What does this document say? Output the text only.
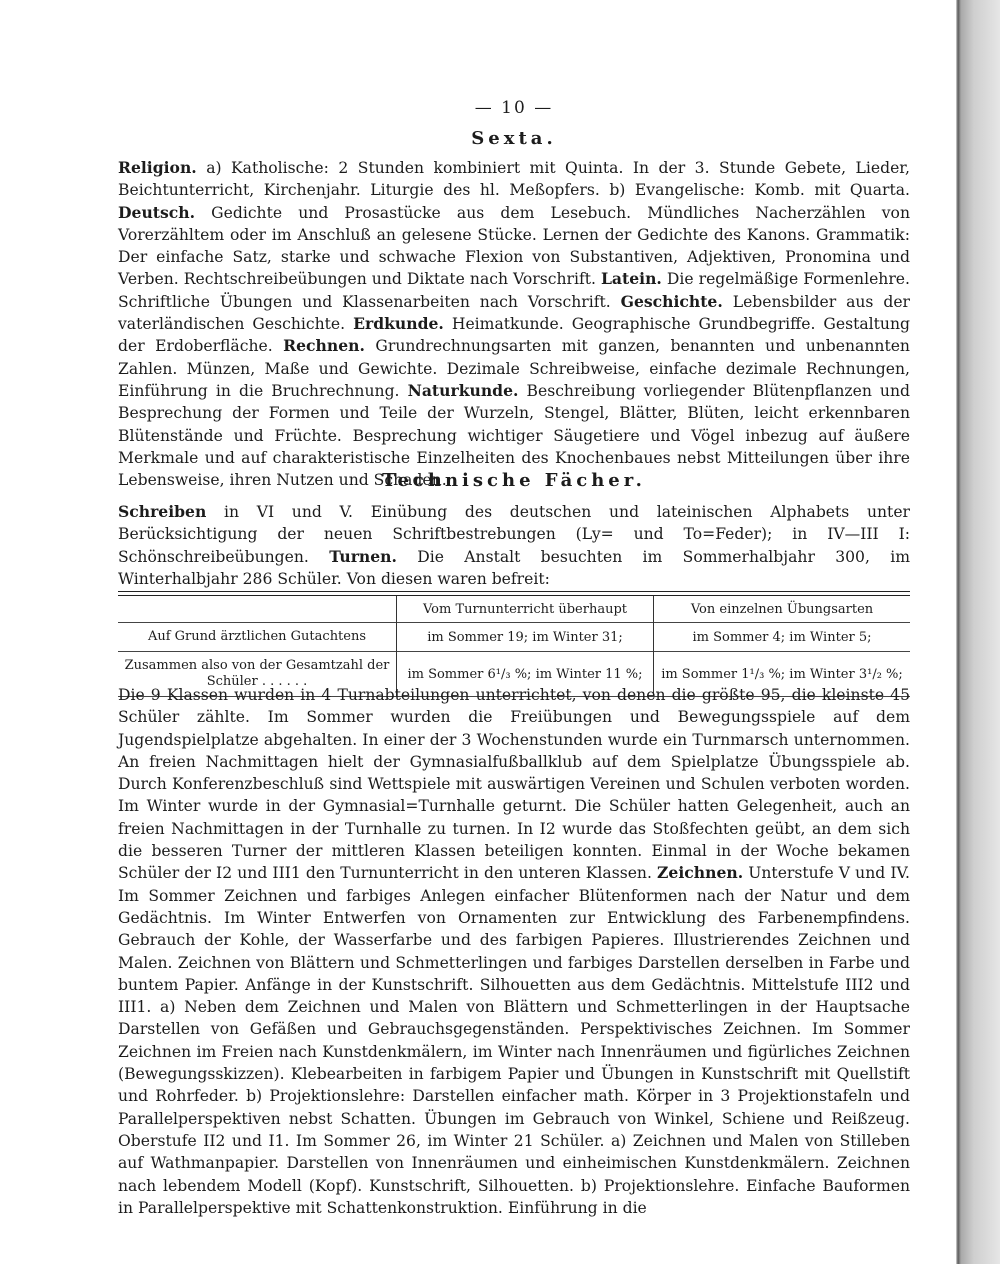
— 10 —
Sexta.
Religion. a) Katholische: 2 Stunden kombiniert mit Quinta. In der 3. Stunde Gebete, Lieder, Beichtunterricht, Kirchenjahr. Liturgie des hl. Meßopfers. b) Evangelische: Komb. mit Quarta. Deutsch. Gedichte und Prosastücke aus dem Lesebuch. Mündliches Nacherzählen von Vorerzähltem oder im Anschluß an gelesene Stücke. Lernen der Gedichte des Kanons. Grammatik: Der einfache Satz, starke und schwache Flexion von Substantiven, Adjektiven, Pronomina und Verben. Rechtschreibeübungen und Diktate nach Vorschrift. Latein. Die regelmäßige Formenlehre. Schriftliche Übungen und Klassenarbeiten nach Vorschrift. Geschichte. Lebensbilder aus der vaterländischen Geschichte. Erdkunde. Heimatkunde. Geographische Grundbegriffe. Gestaltung der Erdoberfläche. Rechnen. Grundrechnungsarten mit ganzen, benannten und unbenannten Zahlen. Münzen, Maße und Gewichte. Dezimale Schreibweise, einfache dezimale Rechnungen, Einführung in die Bruchrechnung. Naturkunde. Beschreibung vorliegender Blütenpflanzen und Besprechung der Formen und Teile der Wurzeln, Stengel, Blätter, Blüten, leicht erkennbaren Blütenstände und Früchte. Besprechung wichtiger Säugetiere und Vögel inbezug auf äußere Merkmale und auf charakteristische Einzelheiten des Knochenbaues nebst Mitteilungen über ihre Lebensweise, ihren Nutzen und Schaden.
Technische Fächer.
Schreiben in VI und V. Einübung des deutschen und lateinischen Alphabets unter Berücksichtigung der neuen Schriftbestrebungen (Ly= und To=Feder); in IV—III I: Schönschreibeübungen. Turnen. Die Anstalt besuchten im Sommerhalbjahr 300, im Winterhalbjahr 286 Schüler. Von diesen waren befreit:
	Vom Turnunterricht überhaupt	Von einzelnen Übungsarten
Auf Grund ärztlichen Gutachtens	im Sommer 19; im Winter 31;	im Sommer 4; im Winter 5;
Zusammen also von der Gesamtzahl der Schüler . . . . . .	im Sommer 6¹/₃ %; im Winter 11 %;	im Sommer 1¹/₃ %; im Winter 3¹/₂ %;
Die 9 Klassen wurden in 4 Turnabteilungen unterrichtet, von denen die größte 95, die kleinste 45 Schüler zählte. Im Sommer wurden die Freiübungen und Bewegungsspiele auf dem Jugendspielplatze abgehalten. In einer der 3 Wochenstunden wurde ein Turnmarsch unternommen. An freien Nachmittagen hielt der Gymnasialfußballklub auf dem Spielplatze Übungsspiele ab. Durch Konferenzbeschluß sind Wettspiele mit auswärtigen Vereinen und Schulen verboten worden. Im Winter wurde in der Gymnasial=Turnhalle geturnt. Die Schüler hatten Gelegenheit, auch an freien Nachmittagen in der Turnhalle zu turnen. In I2 wurde das Stoßfechten geübt, an dem sich die besseren Turner der mittleren Klassen beteiligen konnten. Einmal in der Woche bekamen Schüler der I2 und III1 den Turnunterricht in den unteren Klassen. Zeichnen. Unterstufe V und IV. Im Sommer Zeichnen und farbiges Anlegen einfacher Blütenformen nach der Natur und dem Gedächtnis. Im Winter Entwerfen von Ornamenten zur Entwicklung des Farbenempfindens. Gebrauch der Kohle, der Wasserfarbe und des farbigen Papieres. Illustrierendes Zeichnen und Malen. Zeichnen von Blättern und Schmetterlingen und farbiges Darstellen derselben in Farbe und buntem Papier. Anfänge in der Kunstschrift. Silhouetten aus dem Gedächtnis. Mittelstufe III2 und III1. a) Neben dem Zeichnen und Malen von Blättern und Schmetterlingen in der Hauptsache Darstellen von Gefäßen und Gebrauchsgegenständen. Perspektivisches Zeichnen. Im Sommer Zeichnen im Freien nach Kunstdenkmälern, im Winter nach Innenräumen und figürliches Zeichnen (Bewegungsskizzen). Klebearbeiten in farbigem Papier und Übungen in Kunstschrift mit Quellstift und Rohrfeder. b) Projektionslehre: Darstellen einfacher math. Körper in 3 Projektionstafeln und Parallelperspektiven nebst Schatten. Übungen im Gebrauch von Winkel, Schiene und Reißzeug. Oberstufe II2 und I1. Im Sommer 26, im Winter 21 Schüler. a) Zeichnen und Malen von Stilleben auf Wathmanpapier. Darstellen von Innenräumen und einheimischen Kunstdenkmälern. Zeichnen nach lebendem Modell (Kopf). Kunstschrift, Silhouetten. b) Projektionslehre. Einfache Bauformen in Parallelperspektive mit Schattenkonstruktion. Einführung in die
